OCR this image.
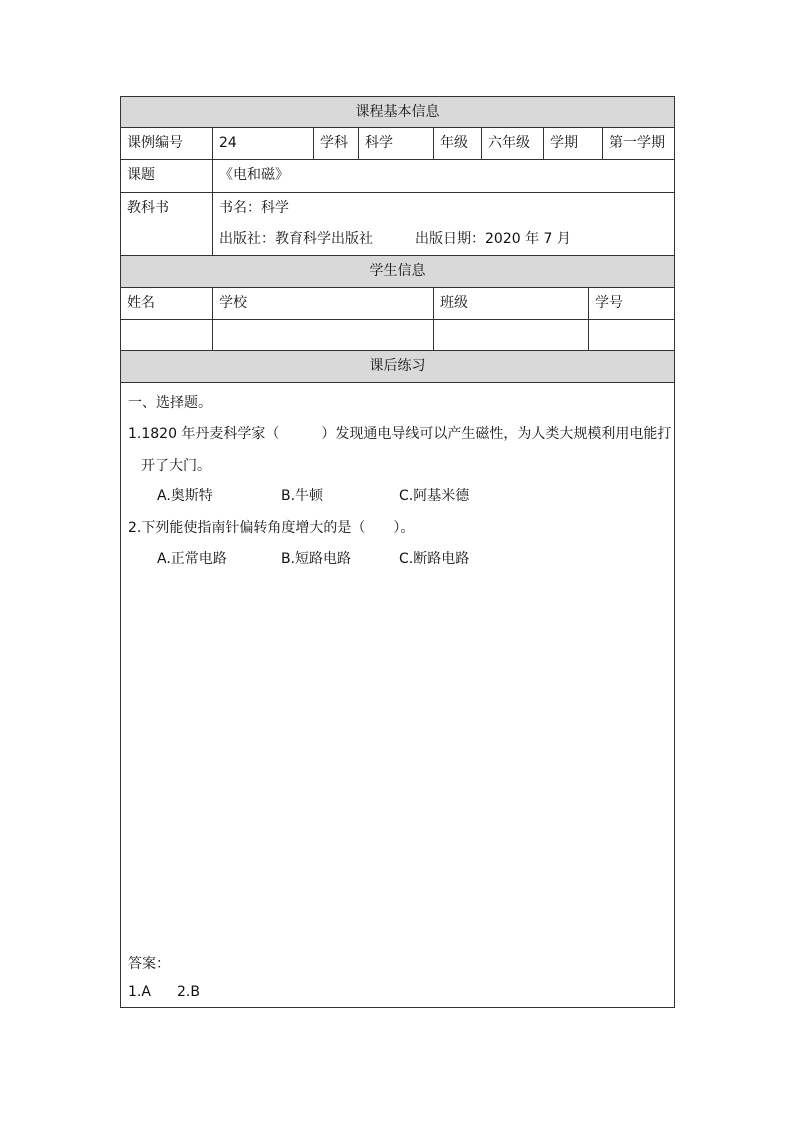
课程基本信息
课例编号	24	学科	科学	年级	六年级	学期	第一学期
课题	《电和磁》
教科书	书名：科学
出版社：教育科学出版社	出版日期：2020 年 7 月
学生信息
姓名	学校	班级	学号
课后练习
一、选择题。
1.1820 年丹麦科学家（　　　）发现通电导线可以产生磁性，为人类大规模利用电能打
开了大门。
A.奥斯特	B.牛顿	C.阿基米德
2.下列能使指南针偏转角度增大的是（　　）。
A.正常电路	B.短路电路	C.断路电路
答案：
1.A 2.B
